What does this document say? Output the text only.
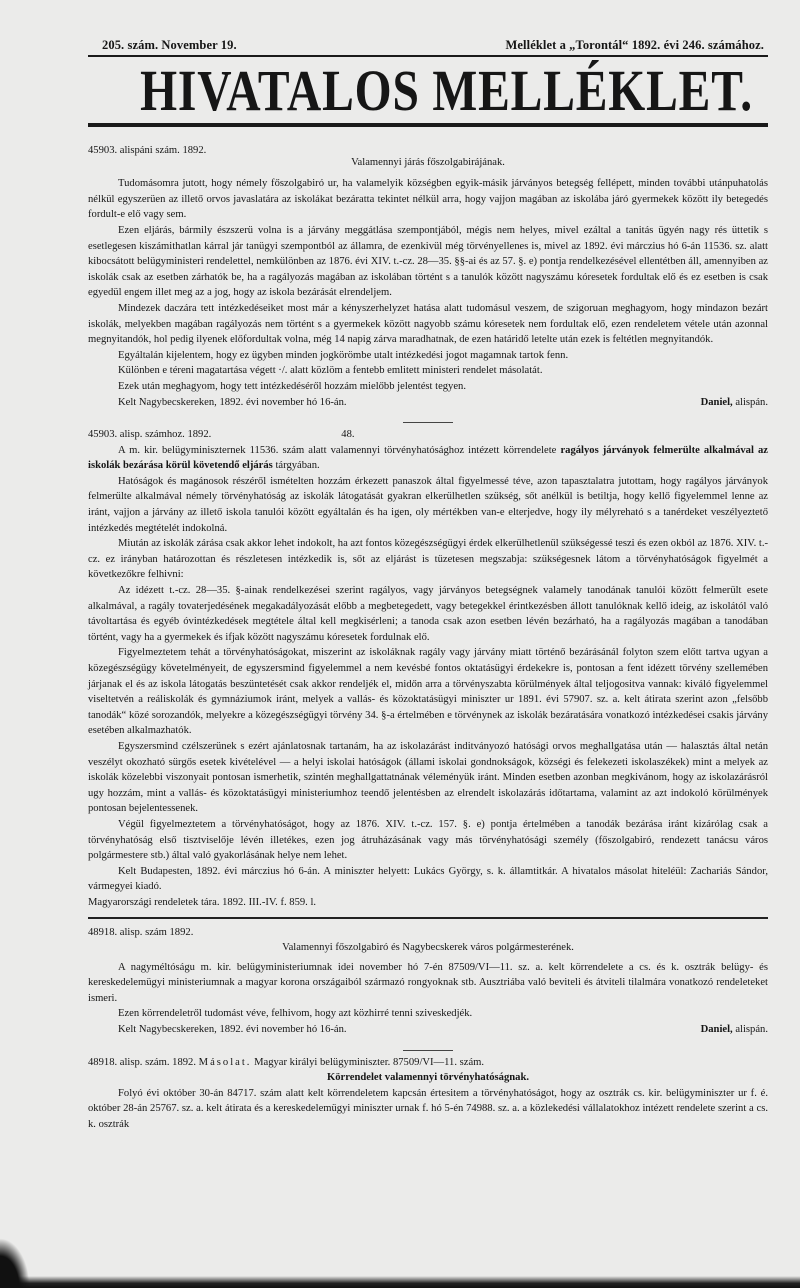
205. szám. November 19.	Melléklet a „Torontál“ 1892. évi 246. számához.
HIVATALOS MELLÉKLET.

45903. alispáni szám. 1892.

Valamennyi járás főszolgabirájának.

Tudomásomra jutott, hogy némely főszolgabiró ur, ha valamelyik községben egyik-másik járványos betegség fellépett, minden további utánpuhatolás nélkül egyszerüen az illető orvos javaslatára az iskolákat bezáratta tekintet nélkül arra, hogy vajjon magában az iskolába járó gyermekek között ily betegedés fordult-e elő vagy sem.

Ezen eljárás, bármily észszerü volna is a járvány meggátlása szempontjából, mégis nem helyes, mivel ezáltal a tanitás ügyén nagy rés üttetik s esetlegesen kiszámithatlan kárral jár tanügyi szempontból az államra, de ezenkivül még törvényellenes is, mivel az 1892. évi márczius hó 6-án 11536. sz. alatt kibocsátott belügyministeri rendelettel, nemkülönben az 1876. évi XIV. t.-cz. 28—35. §§-ai és az 57. §. e) pontja rendelkezésével ellentétben áll, amennyiben az iskolák csak az esetben zárhatók be, ha a ragályozás magában az iskolában történt s a tanulók között nagyszámu kóresetek fordultak elő és ez esetben is csak egyedül engem illet meg az a jog, hogy az iskola bezárását elrendeljem.

Mindezek daczára tett intézkedéseiket most már a kényszerhelyzet hatása alatt tudomásul veszem, de szigoruan meghagyom, hogy mindazon bezárt iskolák, melyekben magában ragályozás nem történt s a gyermekek között nagyobb számu kóresetek nem fordultak elő, ezen rendeletem vétele után azonnal megnyitandók, hol pedig ilyenek előfordultak volna, még 14 napig zárva maradhatnak, de ezen határidő letelte után ezek is feltétlen megnyitandók.

Egyáltalán kijelentem, hogy ez ügyben minden jogkörömbe utalt intézkedési jogot magamnak tartok fenn.

Különben e téreni magatartása végett ·/. alatt közlöm a fentebb emlitett ministeri rendelet másolatát.

Ezek után meghagyom, hogy tett intézkedéséről hozzám mielőbb jelentést tegyen.

Kelt Nagybecskereken, 1892. évi november hó 16-án.	Daniel, alispán.
45903. alisp. számhoz. 1892.	48.

A m. kir. belügyminiszternek 11536. szám alatt valamennyi törvényhatósághoz intézett körrendelete ragályos járványok felmerülte alkalmával az iskolák bezárása körül követendő eljárás tárgyában.

Hatóságok és magánosok részéről ismételten hozzám érkezett panaszok által figyelmessé téve, azon tapasztalatra jutottam, hogy ragályos járványok felmerülte alkalmával némely törvényhatóság az iskolák látogatását gyakran elkerülhetlen szükség, sőt anélkül is betiltja, hogy kellő figyelemmel lenne az iránt, vajjon a járvány az illető iskola tanulói között egyáltalán és ha igen, oly mértékben van-e elterjedve, hogy ily mélyreható s a tanérdeket veszélyeztető intézkedés megtételét indokolná.

Miután az iskolák zárása csak akkor lehet indokolt, ha azt fontos közegészségügyi érdek elkerülhetlenül szükségessé teszi és ezen okból az 1876. XIV. t.-cz. ez irányban határozottan és részletesen intézkedik is, sőt az eljárást is tüzetesen megszabja: szükségesnek látom a törvényhatóságok figyelmét a következőkre felhivni:

Az idézett t.-cz. 28—35. §-ainak rendelkezései szerint ragályos, vagy járványos betegségnek valamely tanodának tanulói között felmerült esete alkalmával, a ragály tovaterjedésének megakadályozását előbb a megbetegedett, vagy betegekkel érintkezésben állott tanulóknak kellő ideig, az iskolától való távoltartása és egyéb óvintézkedések megtétele által kell megkisérleni; a tanoda csak azon esetben lévén bezárható, ha a ragályozás magában a tanodában történt, vagy ha a gyermekek és ifjak között nagyszámu kóresetek fordulnak elő.

Figyelmeztetem tehát a törvényhatóságokat, miszerint az iskoláknak ragály vagy járvány miatt történő bezárásánál folyton szem előtt tartva ugyan a közegészségügy követelményeit, de egyszersmind figyelemmel a nem kevésbé fontos oktatásügyi érdekekre is, pontosan a fent idézett törvény szellemében járjanak el és az iskola látogatás beszüntetését csak akkor rendeljék el, midőn arra a törvényszabta körülmények által teljogositva vannak: kiváló figyelemmel viseltetvén a reáliskolák és gymnáziumok iránt, melyek a vallás- és közoktatásügyi miniszter ur 1891. évi 57907. sz. a. kelt átirata szerint azon „felsőbb tanodák“ közé sorozandók, melyekre a közegészségügyi törvény 34. §-a értelmében e törvénynek az iskolák bezáratására vonatkozó intézkedései csakis járvány esetében alkalmazhatók.

Egyszersmind czélszerünek s ezért ajánlatosnak tartanám, ha az iskolazárást inditványozó hatósági orvos meghallgatása után — halasztás által netán veszélyt okozható sürgős esetek kivételével — a helyi iskolai hatóságok (állami iskolai gondnokságok, községi és felekezeti iskolaszékek) mint a melyek az iskolák közelebbi viszonyait pontosan ismerhetik, szintén meghallgattatnának véleményük iránt. Minden esetben azonban megkivánom, hogy az iskolazárásról ugy hozzám, mint a vallás- és közoktatásügyi ministeriumhoz teendő jelentésben az elrendelt iskolazárás időtartama, valamint az azt indokoló körülmények pontosan bejelentessenek.

Végül figyelmeztetem a törvényhatóságot, hogy az 1876. XIV. t.-cz. 157. §. e) pontja értelmében a tanodák bezárása iránt kizárólag csak a törvényhatóság első tisztviselője lévén illetékes, ezen jog átruházásának vagy más törvényhatósági személy (főszolgabiró, rendezett tanácsu város polgármestere stb.) által való gyakorlásának helye nem lehet.

Kelt Budapesten, 1892. évi márczius hó 6-án. A miniszter helyett: Lukács György, s. k. államtitkár. A hivatalos másolat hiteléül: Zachariás Sándor, vármegyei kiadó.

Magyarországi rendeletek tára. 1892. III.-IV. f. 859. l.

48918. alisp. szám 1892.

Valamennyi főszolgabiró és Nagybecskerek város polgármesterének.

A nagyméltóságu m. kir. belügyministeriumnak idei november hó 7-én 87509/VI—11. sz. a. kelt körrendelete a cs. és k. osztrák belügy- és kereskedelemügyi ministeriumnak a magyar korona országaiból származó rongyoknak stb. Ausztriába való beviteli és átviteli tilalmára vonatkozó rendeleteket ismeri.

Ezen körrendeletről tudomást véve, felhivom, hogy azt közhirré tenni sziveskedjék.

Kelt Nagybecskereken, 1892. évi november hó 16-án.	Daniel, alispán.

48918. alisp. szám. 1892. Másolat. Magyar királyi belügyminiszter. 87509/VI—11. szám.

Körrendelet valamennyi törvényhatóságnak.

Folyó évi október 30-án 84717. szám alatt kelt körrendeletem kapcsán értesitem a törvényhatóságot, hogy az osztrák cs. kir. belügyminiszter ur f. é. október 28-án 25767. sz. a. kelt átirata és a kereskedelemügyi miniszter urnak f. hó 5-én 74988. sz. a. a közlekedési vállalatokhoz intézett rendelete szerint a cs. k. osztrák
